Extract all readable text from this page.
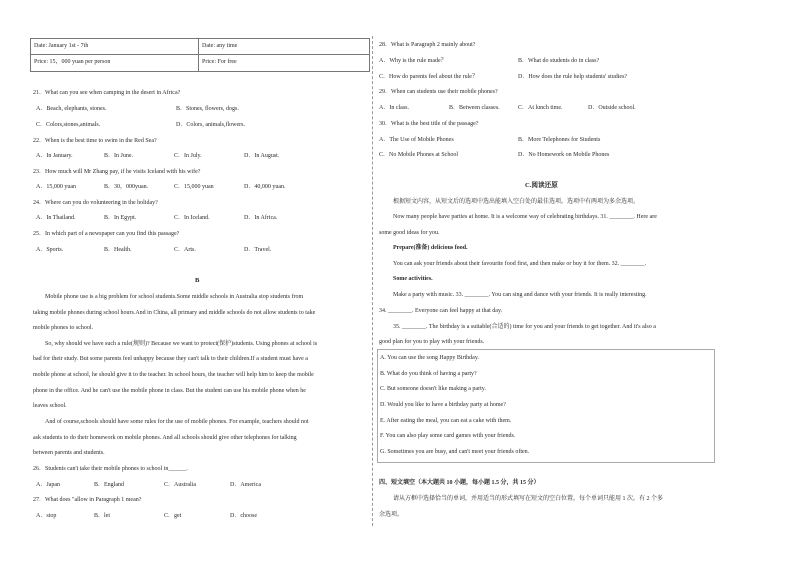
Date: January 1st - 7th	Date: any time
Price: 15，000 yuan per person	Price: For free
21．What can you see when camping in the desert in Africa?
A．Beach, elephants, stones.	B．Stones, flowers, dogs.
C．Colors,stones,animals.	D．Colors, animals,flowers.
22．When is the best time to swim in the Red Sea?
A．In January.	B．In June.	C．In July.	D．In August.
23．How much will Mr Zhang pay, if he visits Iceland with his wife?
A．15,000 yuan	B．30，000yuan.	C．15,000 yuan	D．40,000 yuan.
24．Where can you do volunteering in the holiday?
A．In Thailand.	B．In Egypt.	C．In Iceland.	D．In Africa.
25．In which part of a newspaper can you find this passage?
A．Sports.	B．Health.	C．Arts.	D．Travel.
B
Mobile phone use is a big problem for school students.Some middle schools in Australia stop students from
taking mobile phones during school hours.And in China, all primary and middle schools do not allow students to take
mobile phones to school.
So, why should we have such a rule(规则)? Because we want to protect(保护)students. Using phones at school is
bad for their study. But some parents feel unhappy because they can't talk to their children.If a student must have a
mobile phone at school, he should give it to the teacher. In school hours, the teacher will help him to keep the mobile
phone in the office. And he can't use the mobile phone in class. But the student can use his mobile phone when he
leaves school.
And of course,schools should have some rules for the use of mobile phones. For example, teachers should not
ask students to do their homework on mobile phones. And all schools should give other telephones for talking
between parents and students.
26．Students can't take their mobile phones to school in______.
A．Japan	B．England	C．Australia	D．America
27．What does "allow in Paragraph 1 mean?
A．stop	B．let	C．get	D．choose
28．What is Paragraph 2 mainly about?
A．Why is the rule made？	B．What do students do in class?
C．How do parents feel about the rule？	D．How does the rule help students' studies?
29．When can students use their mobile phones?
A．In class.	B．Between classes.	C．At lunch time.	D．Outside school.
30．What is the best title of the passage?
A．The Use of Mobile Phones	B．More Telephones for Students
C．No Mobile Phones at School	D．No Homework on Mobile Phones
C.阅读还原
根据短文内容，从短文后的选项中选出能填入空白处的最佳选项。选项中有两项为多余选项。
Now many people have parties at home. It is a welcome way of celebrating birthdays. 31. ________. Here are
some good ideas for you.
Prepare(准备) delicious food.
You can ask your friends about their favourite food first, and then make or buy it for them. 32. ________.
Some activities.
Make a party with music. 33. ________. You can sing and dance with your friends. It is really interesting.
34. ________. Everyone can feel happy at that day.
35. ________. The birthday is a suitable(合适的) time for you and your friends to get together. And it's also a
good plan for you to play with your friends.
A. You can use the song Happy Birthday.
B. What do you think of having a party?
C. But someone doesn't like making a party.
D. Would you like to have a birthday party at home?
E. After eating the meal, you can eat a cake with them.
F. You can also play some card games with your friends.
G. Sometimes you are busy, and can't meet your friends often.
四、短文填空（本大题共 10 小题，每小题 1.5 分，共 15 分）
请从方框中选择恰当的单词，并用适当的形式填写在短文的空白位置。每个单词只能用 1 次。有 2 个多
余选项。
